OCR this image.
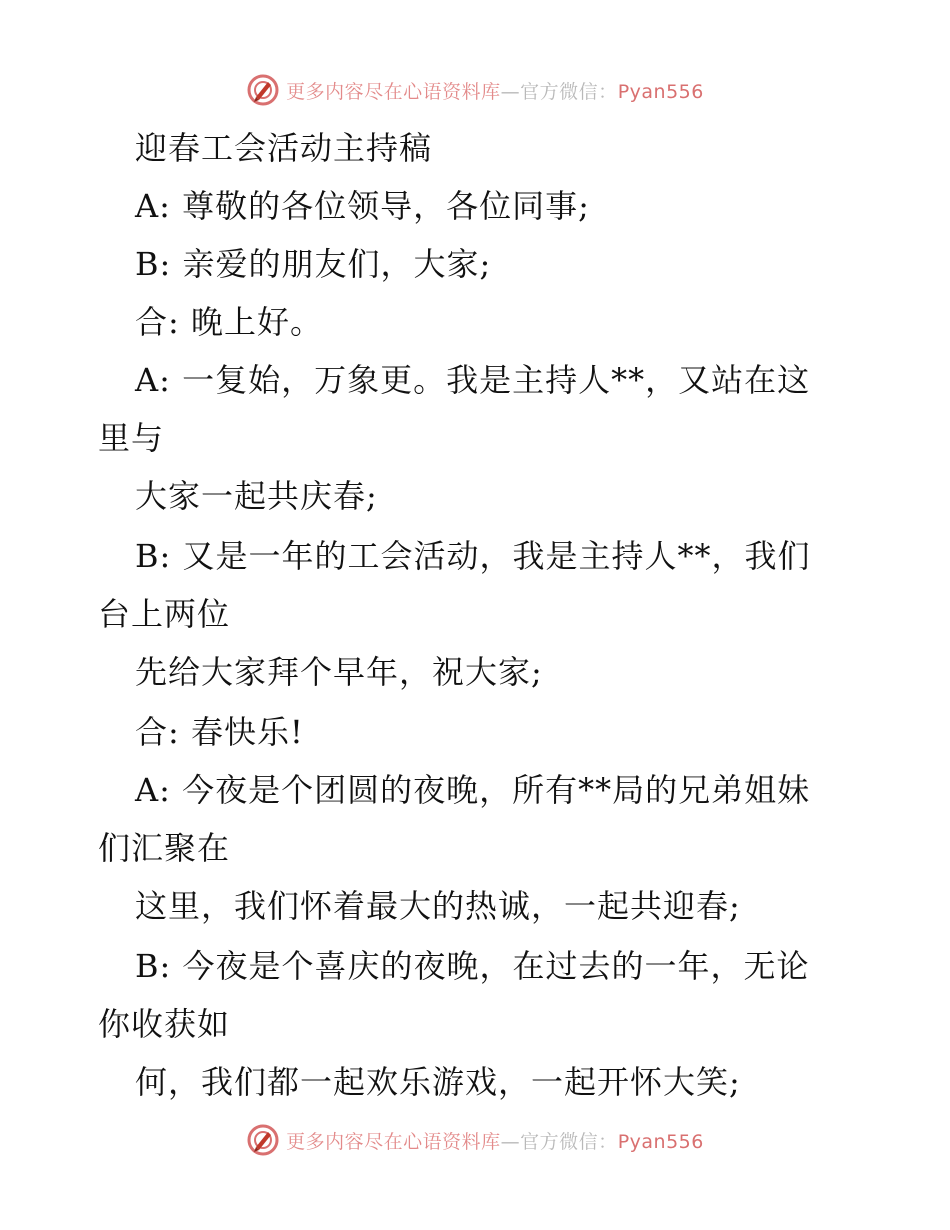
更多内容尽在心语资料库—官方微信：Pyan556
迎春工会活动主持稿
A: 尊敬的各位领导，各位同事;
B: 亲爱的朋友们，大家;
合: 晚上好。
A: 一复始，万象更。我是主持人**，又站在这
里与
大家一起共庆春;
B: 又是一年的工会活动，我是主持人**，我们
台上两位
先给大家拜个早年，祝大家;
合: 春快乐!
A: 今夜是个团圆的夜晚，所有**局的兄弟姐妹
们汇聚在
这里，我们怀着最大的热诚，一起共迎春;
B: 今夜是个喜庆的夜晚，在过去的一年，无论
你收获如
何，我们都一起欢乐游戏，一起开怀大笑;
更多内容尽在心语资料库—官方微信：Pyan556
